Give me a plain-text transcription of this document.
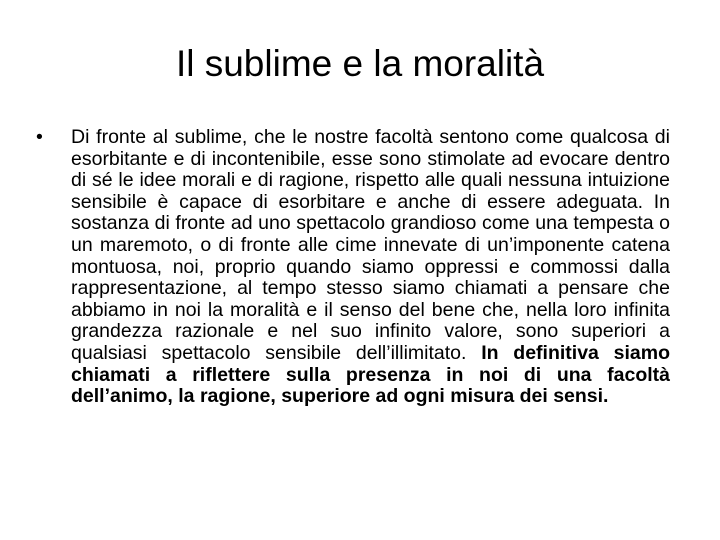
Il sublime e la moralità
•	Di fronte al sublime, che le nostre facoltà sentono come qualcosa di esorbitante e di incontenibile, esse sono stimolate ad evocare dentro di sé le idee morali e di ragione, rispetto alle quali nessuna intuizione sensibile è capace di esorbitare e anche di essere adeguata. In sostanza di fronte ad uno spettacolo grandioso come una tempesta o un maremoto, o di fronte alle cime innevate di un’imponente catena montuosa, noi, proprio quando siamo oppressi e commossi dalla rappresentazione, al tempo stesso siamo chiamati a pensare che abbiamo in noi la moralità e il senso del bene che, nella loro infinita grandezza razionale e nel suo infinito valore, sono superiori a qualsiasi spettacolo sensibile dell’illimitato. In definitiva siamo chiamati a riflettere sulla presenza in noi di una facoltà dell’animo, la ragione, superiore ad ogni misura dei sensi.
